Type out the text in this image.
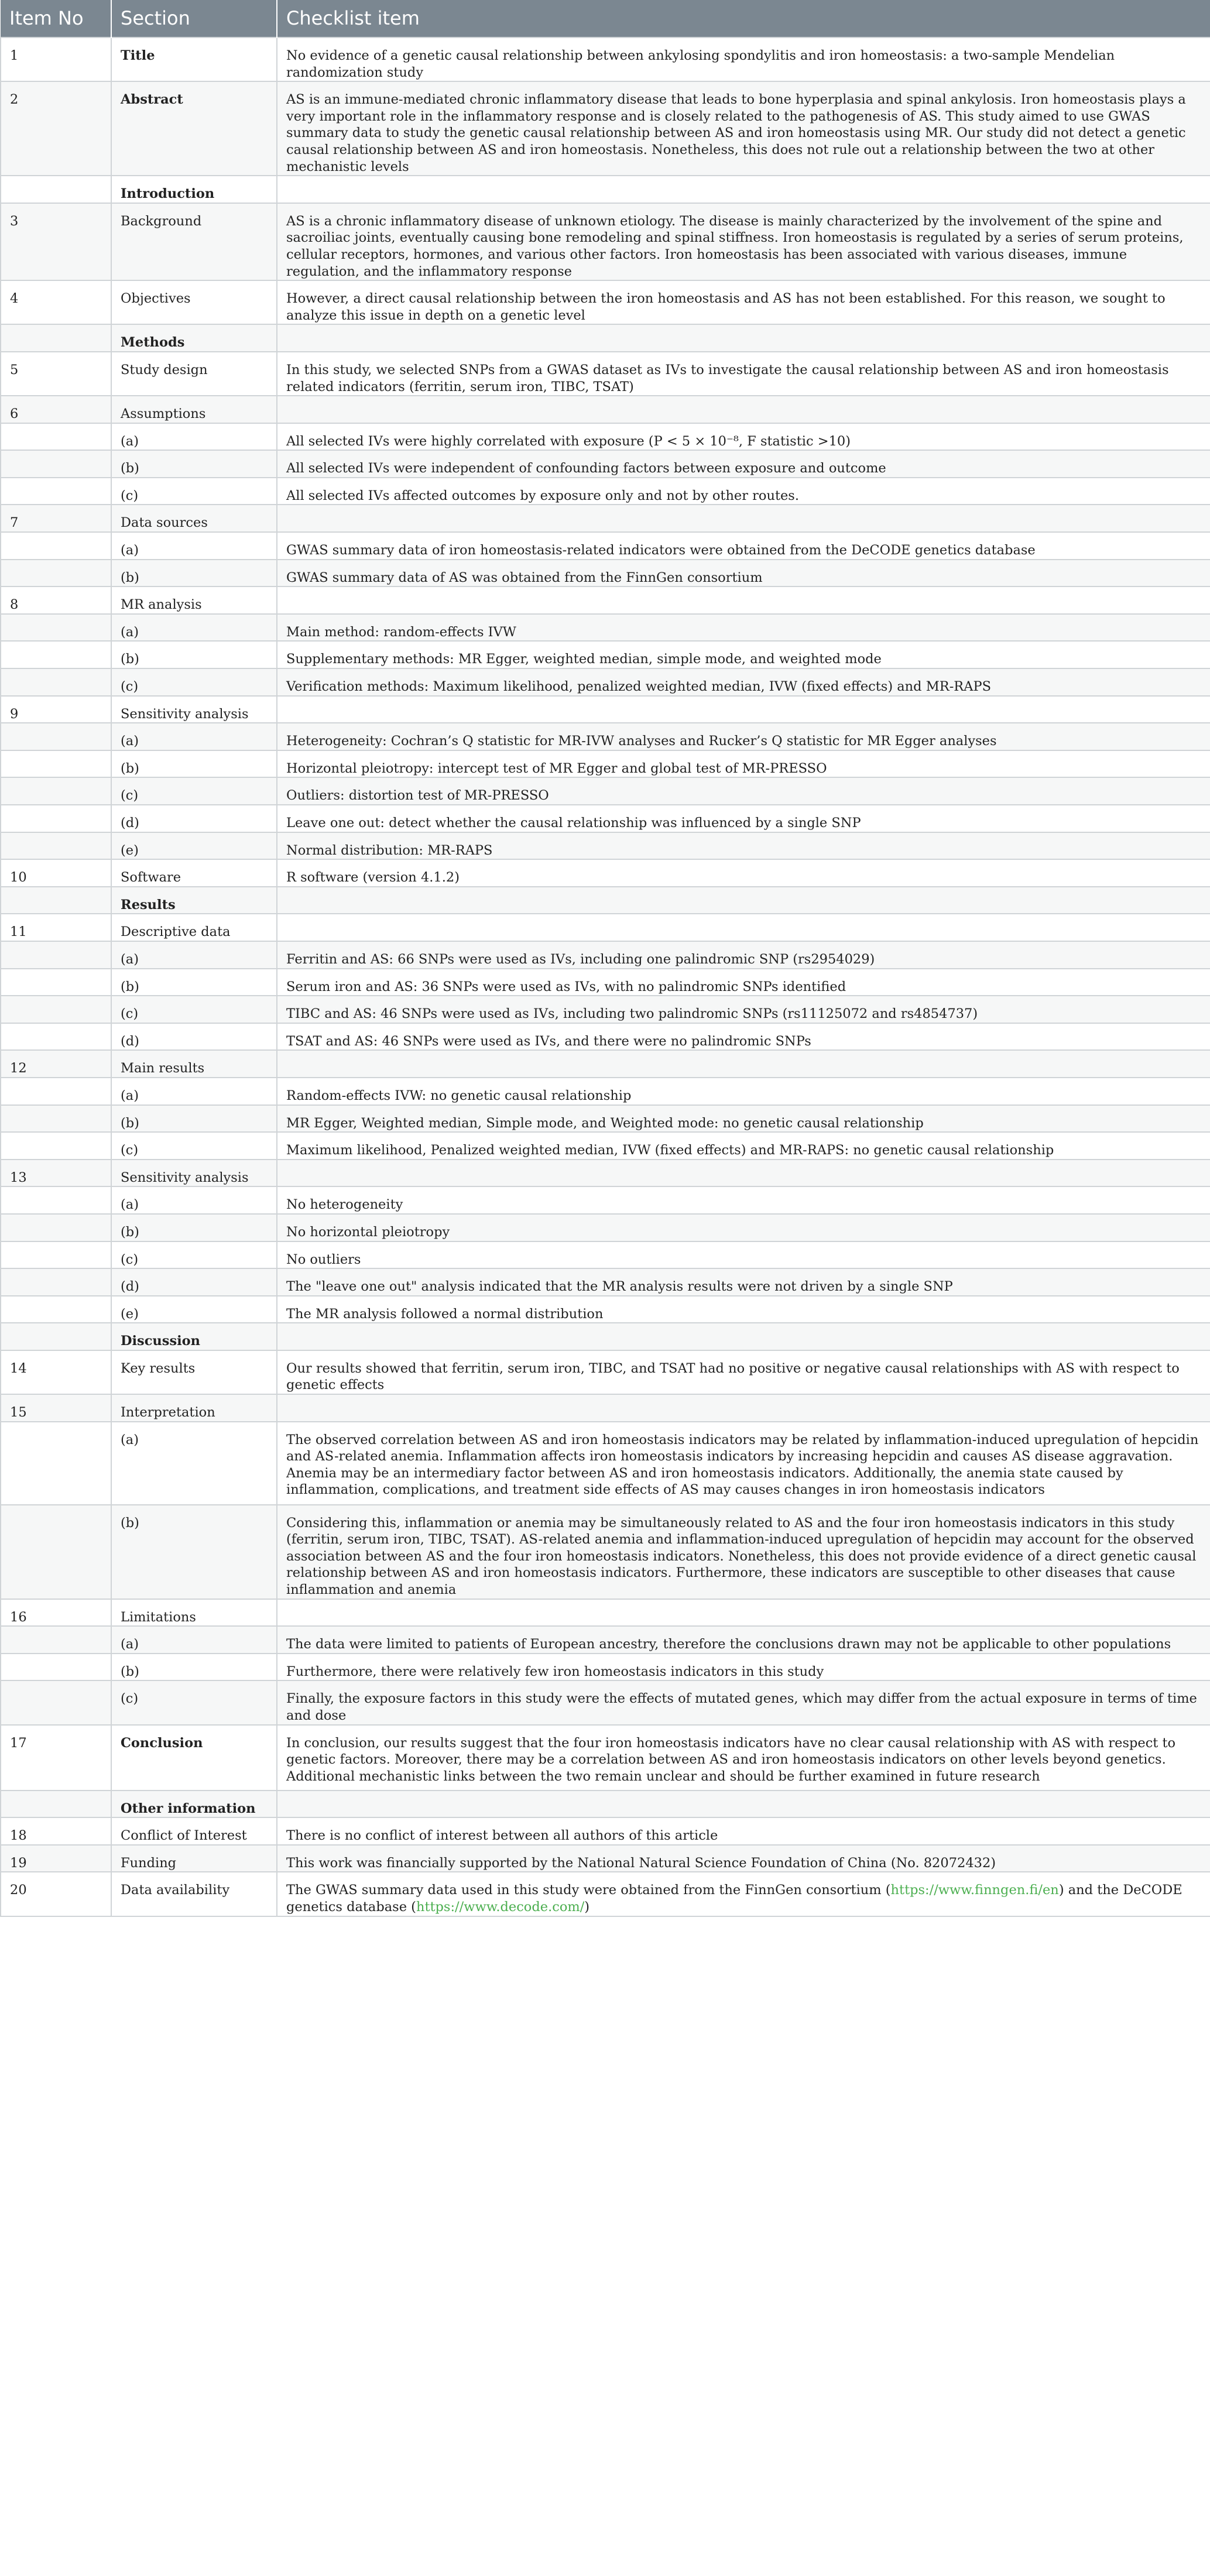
Item No	Section	Checklist item

1	Title	No evidence of a genetic causal relationship between ankylosing spondylitis and iron homeostasis: a two-sample Mendelian randomization study

2	Abstract	AS is an immune-mediated chronic inflammatory disease that leads to bone hyperplasia and spinal ankylosis. Iron homeostasis plays a very important role in the inflammatory response and is closely related to the pathogenesis of AS. This study aimed to use GWAS summary data to study the genetic causal relationship between AS and iron homeostasis using MR. Our study did not detect a genetic causal relationship between AS and iron homeostasis. Nonetheless, this does not rule out a relationship between the two at other mechanistic levels

	Introduction	

3	Background	AS is a chronic inflammatory disease of unknown etiology. The disease is mainly characterized by the involvement of the spine and sacroiliac joints, eventually causing bone remodeling and spinal stiffness. Iron homeostasis is regulated by a series of serum proteins, cellular receptors, hormones, and various other factors. Iron homeostasis has been associated with various diseases, immune regulation, and the inflammatory response

4	Objectives	However, a direct causal relationship between the iron homeostasis and AS has not been established. For this reason, we sought to analyze this issue in depth on a genetic level

	Methods	

5	Study design	In this study, we selected SNPs from a GWAS dataset as IVs to investigate the causal relationship between AS and iron homeostasis related indicators (ferritin, serum iron, TIBC, TSAT)

6	Assumptions	

	(a)	All selected IVs were highly correlated with exposure (P < 5 × 10⁻⁸, F statistic >10)

	(b)	All selected IVs were independent of confounding factors between exposure and outcome

	(c)	All selected IVs affected outcomes by exposure only and not by other routes.

7	Data sources	

	(a)	GWAS summary data of iron homeostasis-related indicators were obtained from the DeCODE genetics database

	(b)	GWAS summary data of AS was obtained from the FinnGen consortium

8	MR analysis	

	(a)	Main method: random-effects IVW

	(b)	Supplementary methods: MR Egger, weighted median, simple mode, and weighted mode

	(c)	Verification methods: Maximum likelihood, penalized weighted median, IVW (fixed effects) and MR-RAPS

9	Sensitivity analysis	

	(a)	Heterogeneity: Cochran’s Q statistic for MR-IVW analyses and Rucker’s Q statistic for MR Egger analyses

	(b)	Horizontal pleiotropy: intercept test of MR Egger and global test of MR-PRESSO

	(c)	Outliers: distortion test of MR-PRESSO

	(d)	Leave one out: detect whether the causal relationship was influenced by a single SNP

	(e)	Normal distribution: MR-RAPS

10	Software	R software (version 4.1.2)

	Results	

11	Descriptive data	

	(a)	Ferritin and AS: 66 SNPs were used as IVs, including one palindromic SNP (rs2954029)

	(b)	Serum iron and AS: 36 SNPs were used as IVs, with no palindromic SNPs identified

	(c)	TIBC and AS: 46 SNPs were used as IVs, including two palindromic SNPs (rs11125072 and rs4854737)

	(d)	TSAT and AS: 46 SNPs were used as IVs, and there were no palindromic SNPs

12	Main results	

	(a)	Random-effects IVW: no genetic causal relationship

	(b)	MR Egger, Weighted median, Simple mode, and Weighted mode: no genetic causal relationship

	(c)	Maximum likelihood, Penalized weighted median, IVW (fixed effects) and MR-RAPS: no genetic causal relationship

13	Sensitivity analysis	

	(a)	No heterogeneity

	(b)	No horizontal pleiotropy

	(c)	No outliers

	(d)	The "leave one out" analysis indicated that the MR analysis results were not driven by a single SNP

	(e)	The MR analysis followed a normal distribution

	Discussion	

14	Key results	Our results showed that ferritin, serum iron, TIBC, and TSAT had no positive or negative causal relationships with AS with respect to genetic effects

15	Interpretation	

	(a)	The observed correlation between AS and iron homeostasis indicators may be related by inflammation-induced upregulation of hepcidin and AS-related anemia. Inflammation affects iron homeostasis indicators by increasing hepcidin and causes AS disease aggravation. Anemia may be an intermediary factor between AS and iron homeostasis indicators. Additionally, the anemia state caused by inflammation, complications, and treatment side effects of AS may causes changes in iron homeostasis indicators

	(b)	Considering this, inflammation or anemia may be simultaneously related to AS and the four iron homeostasis indicators in this study (ferritin, serum iron, TIBC, TSAT). AS-related anemia and inflammation-induced upregulation of hepcidin may account for the observed association between AS and the four iron homeostasis indicators. Nonetheless, this does not provide evidence of a direct genetic causal relationship between AS and iron homeostasis indicators. Furthermore, these indicators are susceptible to other diseases that cause inflammation and anemia

16	Limitations	

	(a)	The data were limited to patients of European ancestry, therefore the conclusions drawn may not be applicable to other populations

	(b)	Furthermore, there were relatively few iron homeostasis indicators in this study

	(c)	Finally, the exposure factors in this study were the effects of mutated genes, which may differ from the actual exposure in terms of time and dose

17	Conclusion	In conclusion, our results suggest that the four iron homeostasis indicators have no clear causal relationship with AS with respect to genetic factors. Moreover, there may be a correlation between AS and iron homeostasis indicators on other levels beyond genetics. Additional mechanistic links between the two remain unclear and should be further examined in future research

	Other information	

18	Conflict of Interest	There is no conflict of interest between all authors of this article

19	Funding	This work was financially supported by the National Natural Science Foundation of China (No. 82072432)

20	Data availability	The GWAS summary data used in this study were obtained from the FinnGen consortium (https://www.finngen.fi/en) and the DeCODE genetics database (https://www.decode.com/)
